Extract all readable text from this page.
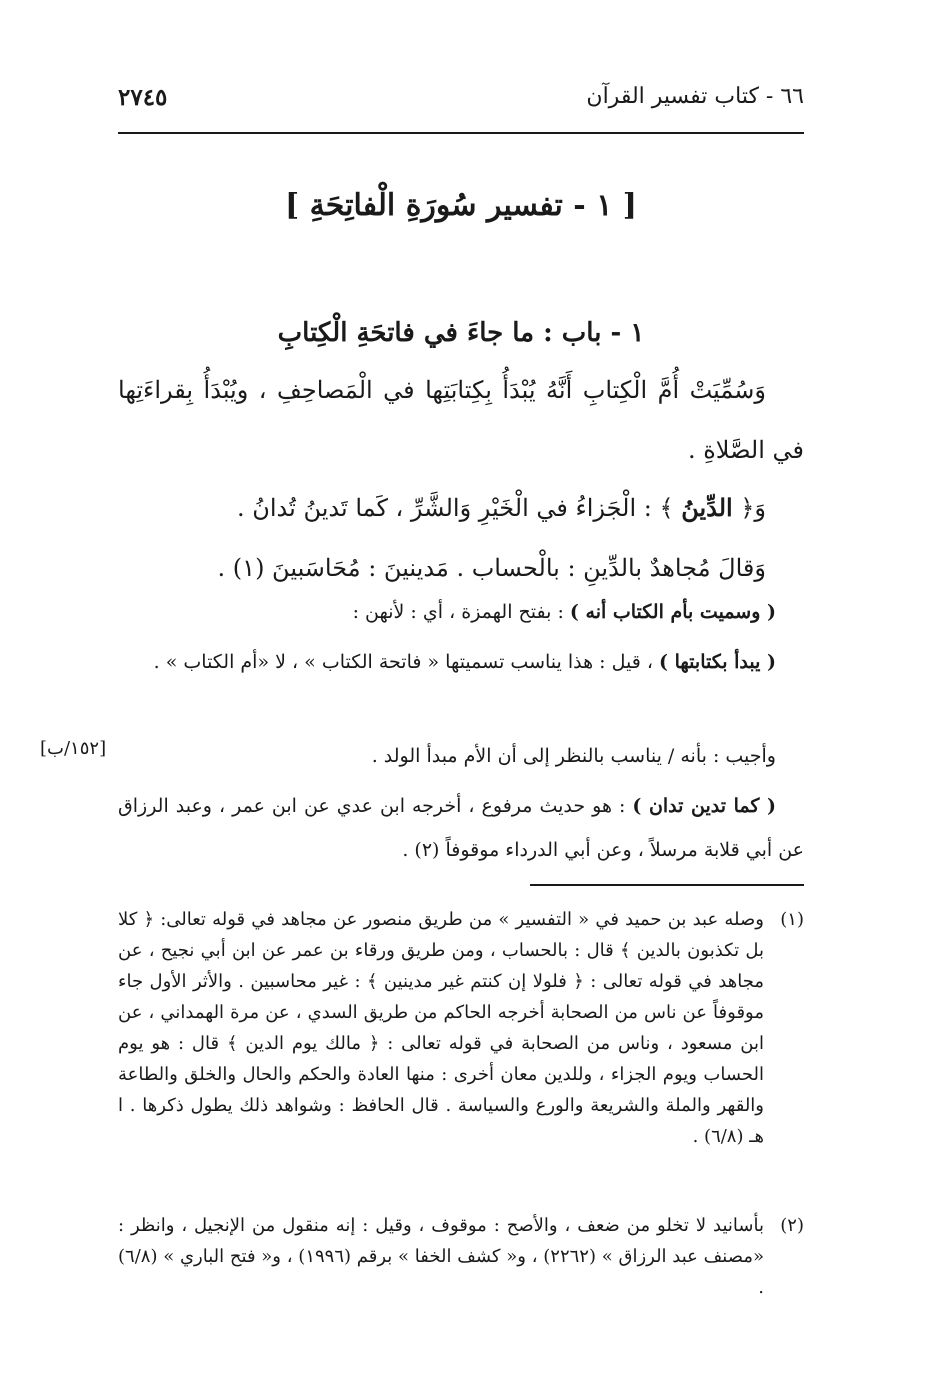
٦٦ - كتاب تفسير القرآن
٢٧٤٥
[ ١ - تفسير سُورَةِ الْفاتِحَةِ ]
١ - باب : ما جاءَ في فاتحَةِ الْكِتابِ

وَسُمِّيَتْ أُمَّ الْكِتابِ أَنَّهُ يُبْدَأُ بِكِتابَتِها في الْمَصاحِفِ ، ويُبْدَأُ بِقراءَتِها في الصَّلاةِ .

وَ﴿ الدِّينُ ﴾ : الْجَزاءُ في الْخَيْرِ وَالشَّرِّ ، كَما تَدينُ تُدانُ .

وَقالَ مُجاهدٌ بالدِّينِ : بالْحساب . مَدينينَ : مُحَاسَبينَ (١) .

( وسميت بأم الكتاب أنه ) : بفتح الهمزة ، أي : لأنهن :

( يبدأ بكتابتها ) ، قيل : هذا يناسب تسميتها « فاتحة الكتاب » ، لا «أم الكتاب » .

وأجيب : بأنه / يناسب بالنظر إلى أن الأم مبدأ الولد .

[١٥٢/ب]

( كما تدين تدان ) : هو حديث مرفوع ، أخرجه ابن عدي عن ابن عمر ، وعبد الرزاق عن أبي قلابة مرسلاً ، وعن أبي الدرداء موقوفاً (٢) .

(١)
وصله عبد بن حميد في « التفسير » من طريق منصور عن مجاهد في قوله تعالى: ﴿ كلا بل تكذبون بالدين ﴾ قال : بالحساب ، ومن طريق ورقاء بن عمر عن ابن أبي نجيح ، عن مجاهد في قوله تعالى : ﴿ فلولا إن كنتم غير مدينين ﴾ : غير محاسبين . والأثر الأول جاء موقوفاً عن ناس من الصحابة أخرجه الحاكم من طريق السدي ، عن مرة الهمداني ، عن ابن مسعود ، وناس من الصحابة في قوله تعالى : ﴿ مالك يوم الدين ﴾ قال : هو يوم الحساب ويوم الجزاء ، وللدين معان أخرى : منها العادة والحكم والحال والخلق والطاعة والقهر والملة والشريعة والورع والسياسة . قال الحافظ : وشواهد ذلك يطول ذكرها . ا هـ (٦/٨) .

(٢)
بأسانيد لا تخلو من ضعف ، والأصح : موقوف ، وقيل : إنه منقول من الإنجيل ، وانظر : «مصنف عبد الرزاق » (٢٢٦٢) ، و« كشف الخفا » برقم (١٩٩٦) ، و« فتح الباري » (٦/٨) .
